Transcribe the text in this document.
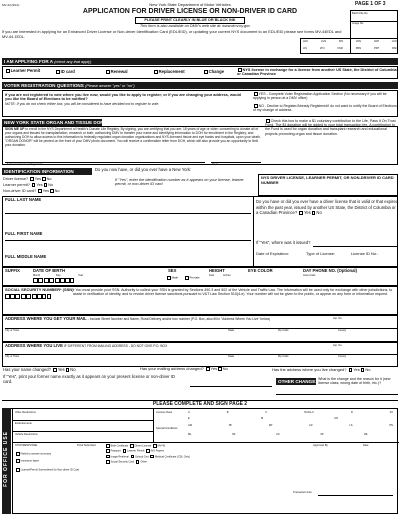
MV-44 (9/12)	New York State Department of Motor Vehicles	PAGE 1 OF 3
APPLICATION FOR DRIVER LICENSE OR NON-DRIVER ID CARD
PLEASE PRINT CLEARLY IN BLUE OR BLACK INK
This form is also available on DMV's web site at: www.dmv.ny.gov
If you are interested in applying for an Enhanced Driver License or Non-driver Identification Card (EDL/EID), or updating your current NYS document to an EDL/EID please see forms MV-44EDL and MV-44.1EDL.
Batch File No.
Image No.
LRC	LUN	FIN	LMV	LDP	LSO
LIS	LTN	FNR	PRN	PRT	PAF
I AM APPLYING FOR A (check any that apply)
Learner Permit	ID card	Renewal	Replacement	Change	NYS license in exchange for a license from another US State, the District of Columbia or Canadian Province
VOTER REGISTRATION QUESTIONS (Please answer "yes" or "no")
If you are not registered to vote where you live now, would you like to apply to register; or if you are changing your address, would you like the Board of Elections to be notified?
NOTE: If you do not check either box, you will be considered to have decided not to register to vote.
YES - Complete Voter Registration Application Section (No necessary if you will be applying in person at a DMV office)
NO - Decline to Register/Already Registered/I do not want to notify the Board of Elections of my change of address
NEW YORK STATE ORGAN AND TISSUE DONATION
SIGN ME UP to enroll in the NYS Department of Health's Donate Life Registry. By signing, you are certifying that you are: 18 years of age or older; consenting to donate all of your organs and tissues for transplantation, research or both; authorizing DMV to transfer your name and identifying information to DOH for enrollment in the Registry; and authorizing DOH to allow access to this information to federally regulated organ donation organizations and NYS-licensed tissue and eye banks and hospitals, upon your death. "ORGAN DONOR" will be printed on the front of your DMV photo document. You will receive a confirmation letter from DOH, which will also provide you an opportunity to limit your donation.
✔ Donor Consent Signature	Date
Check this box to make a $1 voluntary contribution to the Life, Pass It On Trust Fund. The $1 donation will be added to your total transaction fee. A contribution to the Fund is used for organ donation and transplant research and educational projects promoting organ and tissue donation.
IDENTIFICATION INFORMATION	Do you now have, or did you ever have a New York:
Driver license? Yes No
Learner permit? Yes No
Non-driver ID card? Yes No
If "Yes", enter the identification number as it appears on your license, learner permit, or non-driver ID card
NYS DRIVER LICENSE, LEARNER PERMIT, OR NON-DRIVER ID CARD NUMBER
FULL LAST NAME
FULL FIRST NAME
FULL MIDDLE NAME
Do you have or did you ever have a driver license that is valid or that expired within the past year, issued by another US State, the District of Columbia or a Canadian Province? Yes No
If "Yes", where was it issued?
Date of Expiration:	Type of License:	License ID No.:
SUFFIX	DATE OF BIRTH
Month	Day	Year

SEX
Male	Female
HEIGHT
Feet	Inches
EYE COLOR	DAY PHONE NO. (Optional)
Area Code
SOCIAL SECURITY NUMBER* (SSN)
* You must provide your SSN. Authority to collect your SSN is granted by Sections 490.3 and 502 of the Vehicle and Traffic Law. The information will be used only for exchange with other jurisdictions, to assist in verification of identity, and to revoke driver license sanctions pursuant to V&T Law Section 510(4-e). Your number will not be given to the public, or appear on any form or information request.
ADDRESS WHERE YOU GET YOUR MAIL - Include Street Number and Name, Rural Delivery and/or box number (P.O. Box, also fill in "Address Where You Live" below)	Apt. No.
City or Town	State	Zip Code	County
ADDRESS WHERE YOU LIVE IF DIFFERENT FROM MAILING ADDRESS - DO NOT GIVE P.O. BOX	Apt. No.
City or Town	State	Zip Code	County
Has your name changed? Yes No	Has your mailing address changed? Yes No	Has the address where you live changed? Yes No
If "Yes", print your former name exactly as it appears on your present license or non-driver ID card.	OTHER CHANGE: What is the change and the reason for it (new license class, wrong date of birth, etc.)?
PLEASE COMPLETE AND SIGN PAGE 2
FOR OFFICE USE
Other Restrictions
Endorsements
Vehicle Restrictions
License Class	A	B	C	NCDL-C	D	DJ
E	M	MJ
Special Conditions
AM	PF	DP	LR	LS	PN
ML	NF	UC	XP	WL
STOP/RESPONSE
Failed to answer summary
Insurance lapse
License/Permit Surrendered for Non-driver ID Card
Proof Submitted	Birth Certificate Driver License MV-45
Passport Learner Permit INS Papers
Image Retrieval School Cert Medical Certificate (CDL Only)
Social Security Card Other
Approved By	Date
Transaction Fee:
